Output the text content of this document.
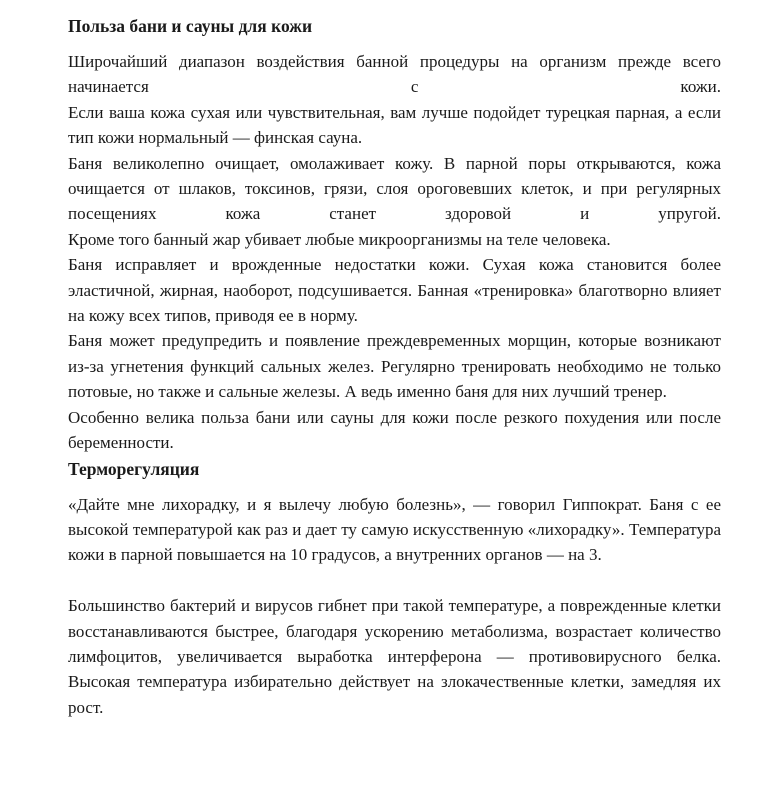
Польза бани и сауны для кожи

Широчайший диапазон воздействия банной процедуры на организм прежде всего начинается с кожи.

Если ваша кожа сухая или чувствительная, вам лучше подойдет турецкая парная, а если тип кожи нормальный — финская сауна.

Баня великолепно очищает, омолаживает кожу. В парной поры открываются, кожа очищается от шлаков, токсинов, грязи, слоя ороговевших клеток, и при регулярных посещениях кожа станет здоровой и упругой.

Кроме того банный жар убивает любые микроорганизмы на теле человека.

Баня исправляет и врожденные недостатки кожи. Сухая кожа становится более эластичной, жирная, наоборот, подсушивается. Банная «тренировка» благотворно влияет на кожу всех типов, приводя ее в норму.

Баня может предупредить и появление преждевременных морщин, которые возникают из-за угнетения функций сальных желез. Регулярно тренировать необходимо не только потовые, но также и сальные железы. А ведь именно баня для них лучший тренер.

Особенно велика польза бани или сауны для кожи после резкого похудения или после беременности.

Терморегуляция

«Дайте мне лихорадку, и я вылечу любую болезнь», — говорил Гиппократ. Баня с ее высокой температурой как раз и дает ту самую искусственную «лихорадку». Температура кожи в парной повышается на 10 градусов, а внутренних органов — на 3.

Большинство бактерий и вирусов гибнет при такой температуре, а поврежденные клетки восстанавливаются быстрее, благодаря ускорению метаболизма, возрастает количество лимфоцитов, увеличивается выработка интерферона — противовирусного белка. Высокая температура избирательно действует на злокачественные клетки, замедляя их рост.
